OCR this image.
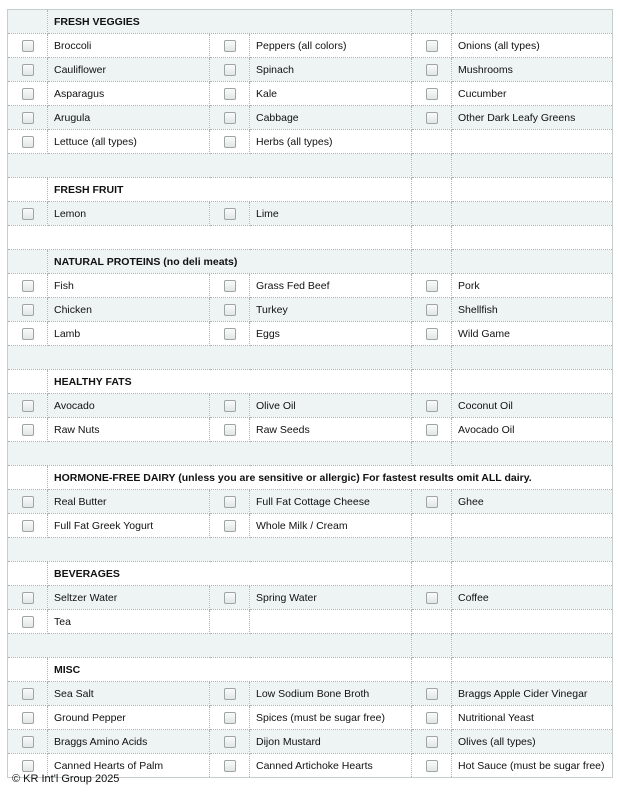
	FRESH VEGGIES				
	Broccoli		Peppers (all colors)		Onions (all types)
	Cauliflower		Spinach		Mushrooms
	Asparagus		Kale		Cucumber
	Arugula		Cabbage		Other Dark Leafy Greens
	Lettuce (all types)		Herbs (all types)		

	FRESH FRUIT				
	Lemon		Lime		

	NATURAL PROTEINS (no deli meats)				
	Fish		Grass Fed Beef		Pork
	Chicken		Turkey		Shellfish
	Lamb		Eggs		Wild Game

	HEALTHY FATS				
	Avocado		Olive Oil		Coconut Oil
	Raw Nuts		Raw Seeds		Avocado Oil

	HORMONE-FREE DAIRY (unless you are sensitive or allergic) For fastest results omit ALL dairy.				
	Real Butter		Full Fat Cottage Cheese		Ghee
	Full Fat Greek Yogurt		Whole Milk / Cream		

	BEVERAGES				
	Seltzer Water		Spring Water		Coffee
	Tea				

	MISC				
	Sea Salt		Low Sodium Bone Broth		Braggs Apple Cider Vinegar
	Ground Pepper		Spices (must be sugar free)		Nutritional Yeast
	Braggs Amino Acids		Dijon Mustard		Olives (all types)
	Canned Hearts of Palm		Canned Artichoke Hearts		Hot Sauce (must be sugar free)
© KR Int'l Group 2025
